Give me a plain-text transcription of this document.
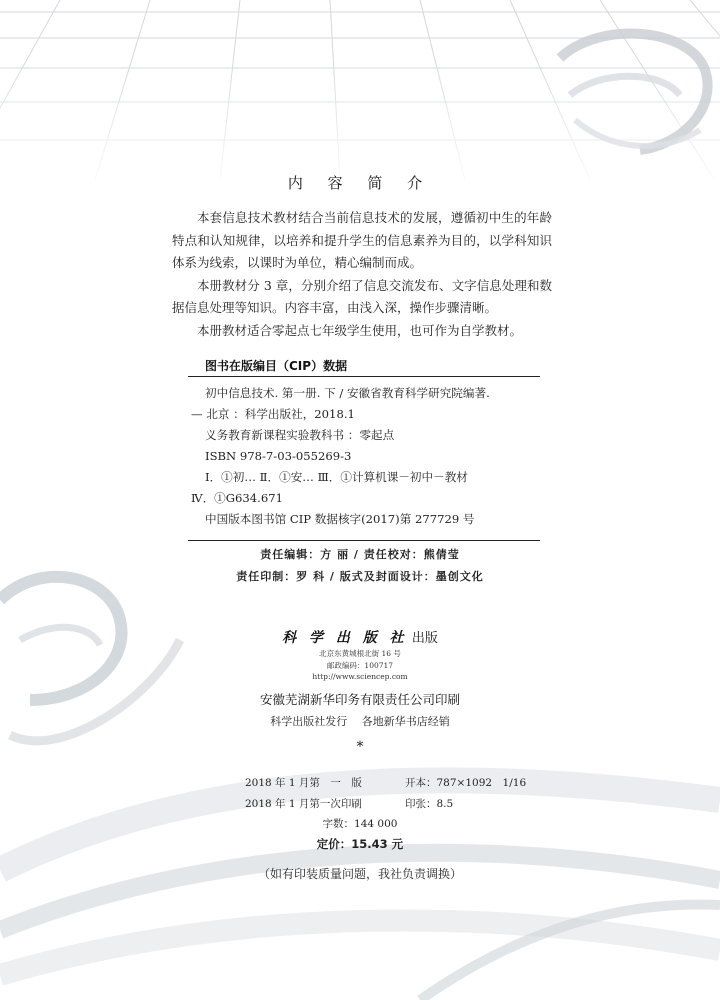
内 容 简 介

本套信息技术教材结合当前信息技术的发展，遵循初中生的年龄特点和认知规律，以培养和提升学生的信息素养为目的，以学科知识体系为线索，以课时为单位，精心编制而成。

本册教材分 3 章，分别介绍了信息交流发布、文字信息处理和数据信息处理等知识。内容丰富，由浅入深，操作步骤清晰。

本册教材适合零起点七年级学生使用，也可作为自学教材。

图书在版编目（CIP）数据
初中信息技术. 第一册. 下 / 安徽省教育科学研究院编著.
— 北京 ：科学出版社，2018.1
义务教育新课程实验教科书 ：零起点
ISBN 978-7-03-055269-3
Ⅰ．①初… Ⅱ．①安… Ⅲ．①计算机课－初中－教材
Ⅳ．①G634.671
中国版本图书馆 CIP 数据核字(2017)第 277729 号
责任编辑：方 丽 / 责任校对：熊倩莹
责任印制：罗 科 / 版式及封面设计：墨创文化
科 学 出 版 社 出版
北京东黄城根北街 16 号
邮政编码：100717
http://www.sciencep.com
安徽芜湖新华印务有限责任公司印刷
科学出版社发行　 各地新华书店经销
*
2018 年 1 月第　一　版	开本：787×1092　1/16
2018 年 1 月第一次印刷	印张：8.5
字数：144 000
定价：15.43 元
（如有印装质量问题，我社负责调换）
